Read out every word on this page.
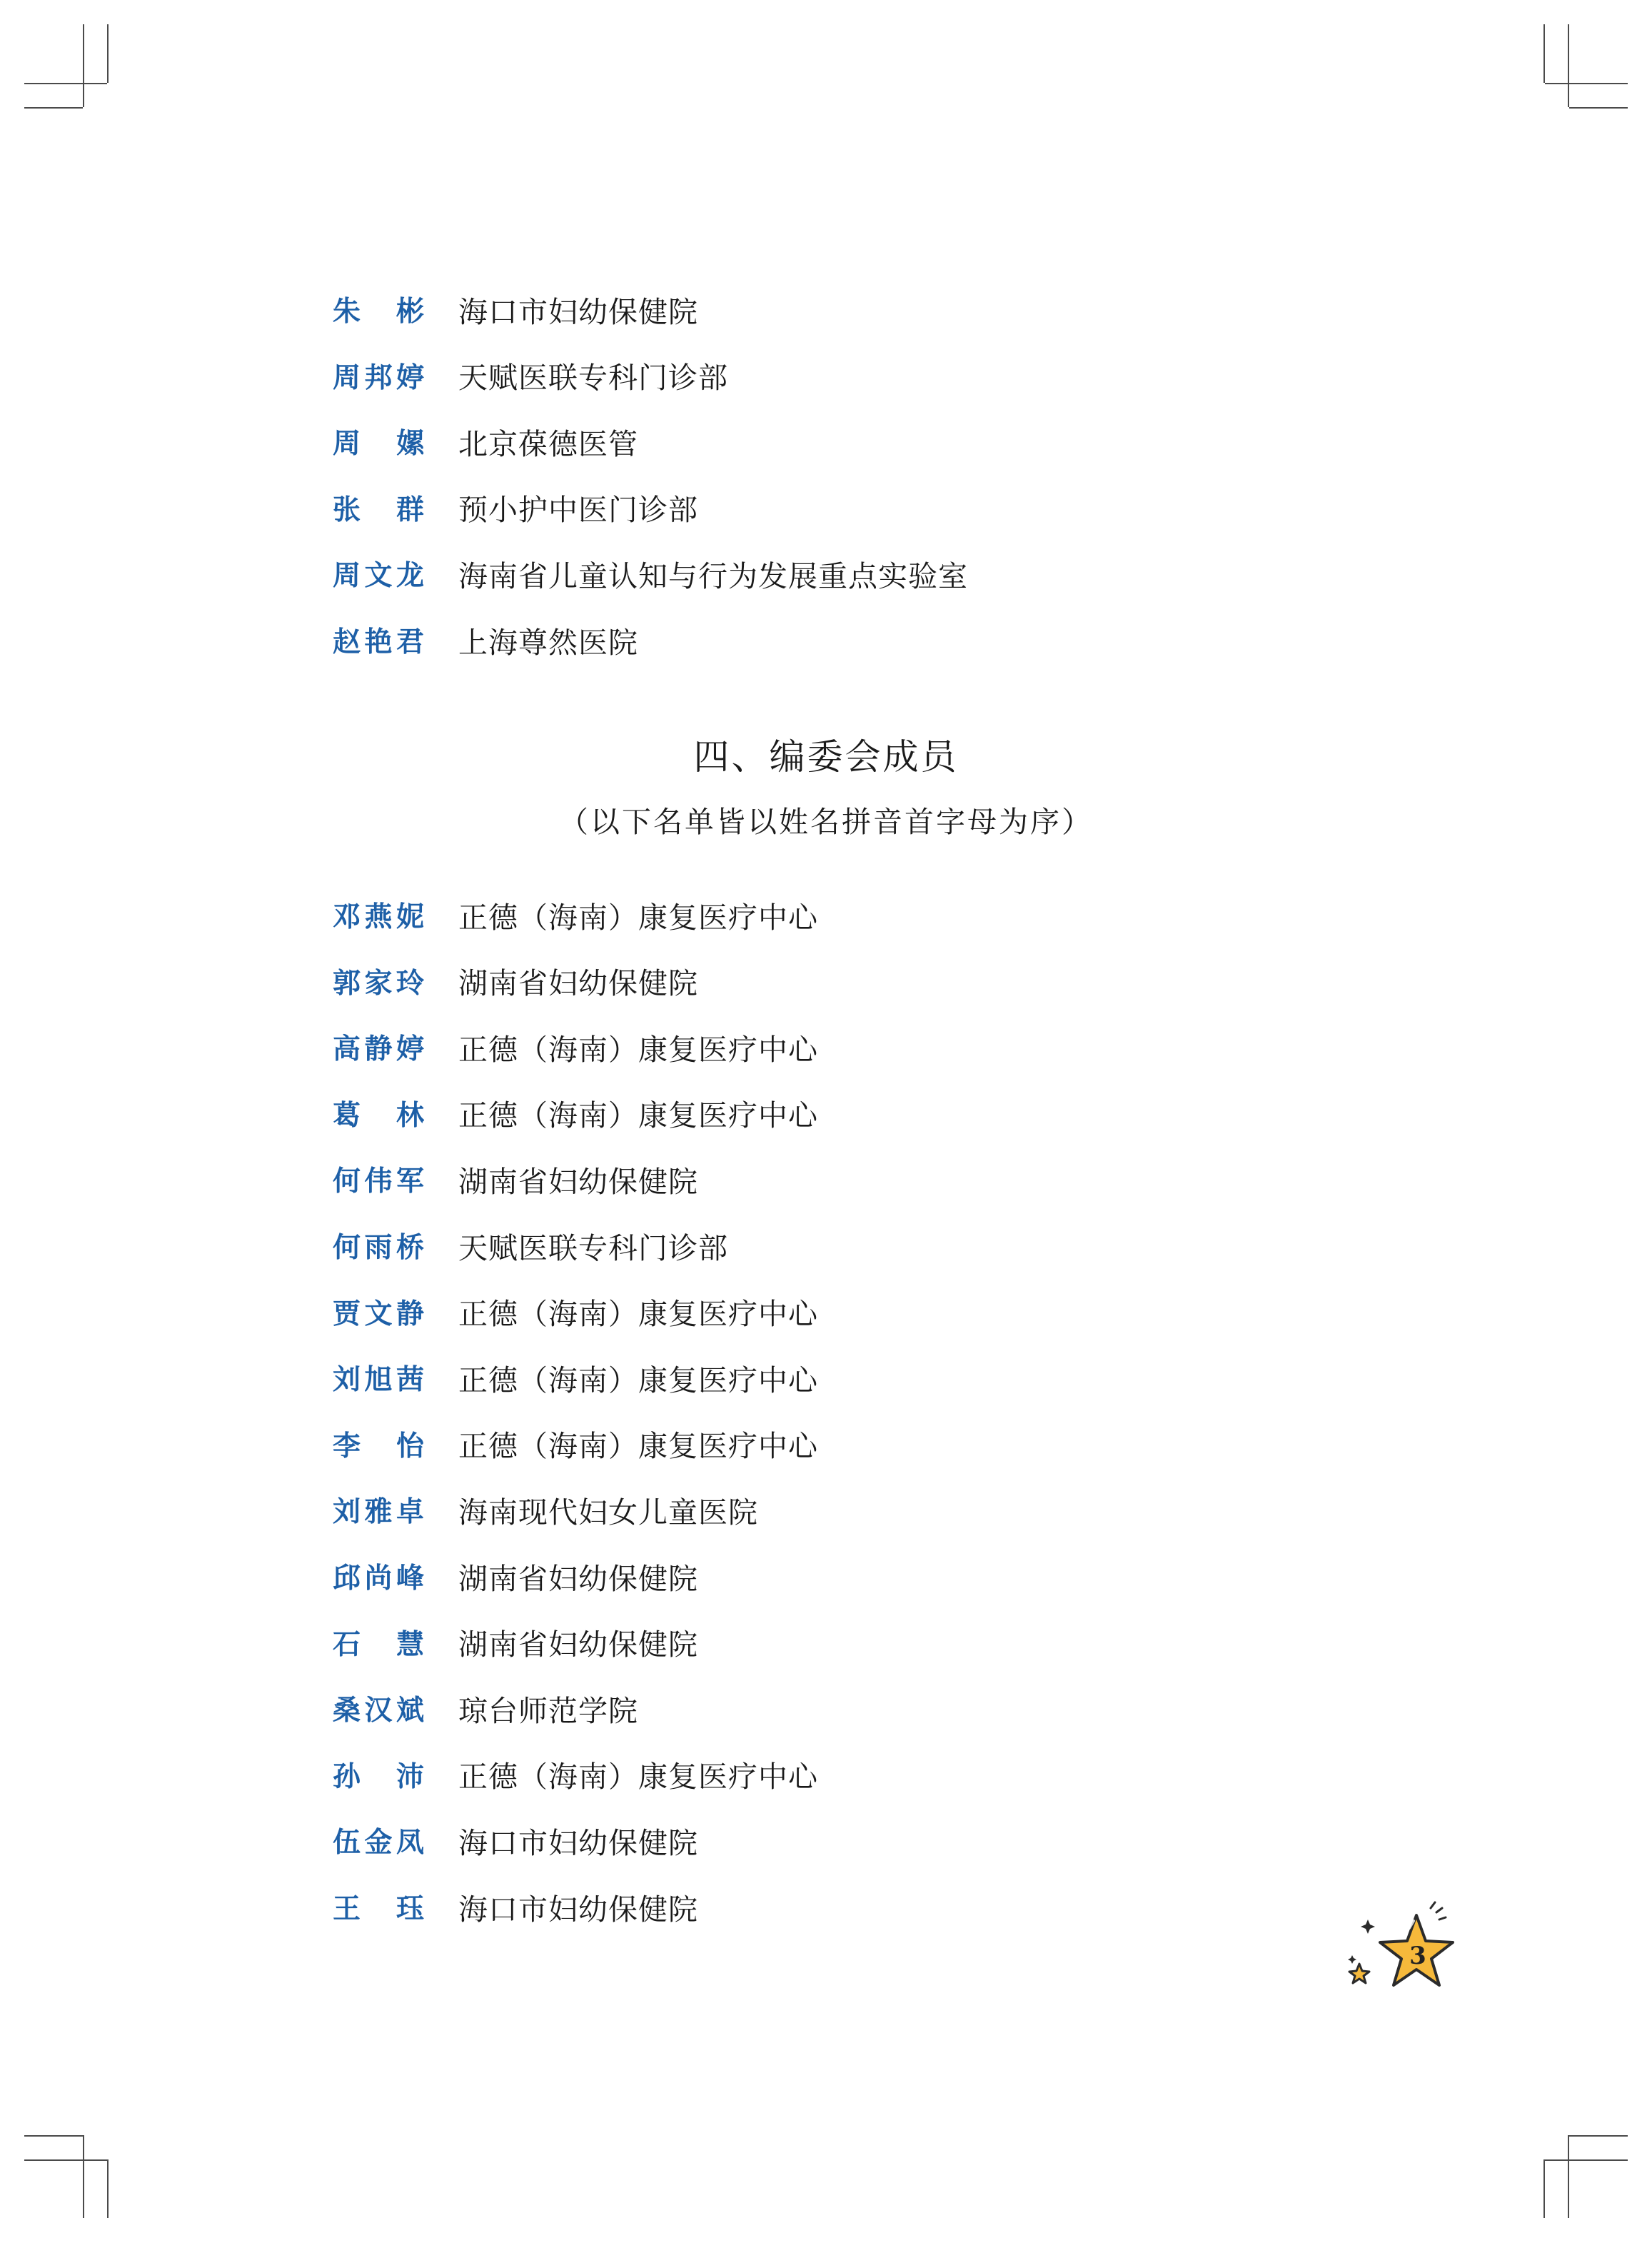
朱 彬 海口市妇幼保健院
周 邦 婷 天赋医联专科门诊部
周 嫘 北京葆德医管
张 群 预小护中医门诊部
周 文 龙 海南省儿童认知与行为发展重点实验室
赵 艳 君 上海尊然医院
四、编委会成员
（以下名单皆以姓名拼音首字母为序）
邓 燕 妮 正德（海南）康复医疗中心
郭 家 玲 湖南省妇幼保健院
高 静 婷 正德（海南）康复医疗中心
葛 林 正德（海南）康复医疗中心
何 伟 军 湖南省妇幼保健院
何 雨 桥 天赋医联专科门诊部
贾 文 静 正德（海南）康复医疗中心
刘 旭 茜 正德（海南）康复医疗中心
李 怡 正德（海南）康复医疗中心
刘 雅 卓 海南现代妇女儿童医院
邱 尚 峰 湖南省妇幼保健院
石 慧 湖南省妇幼保健院
桑 汉 斌 琼台师范学院
孙 沛 正德（海南）康复医疗中心
伍 金 凤 海口市妇幼保健院
王 珏 海口市妇幼保健院
3
